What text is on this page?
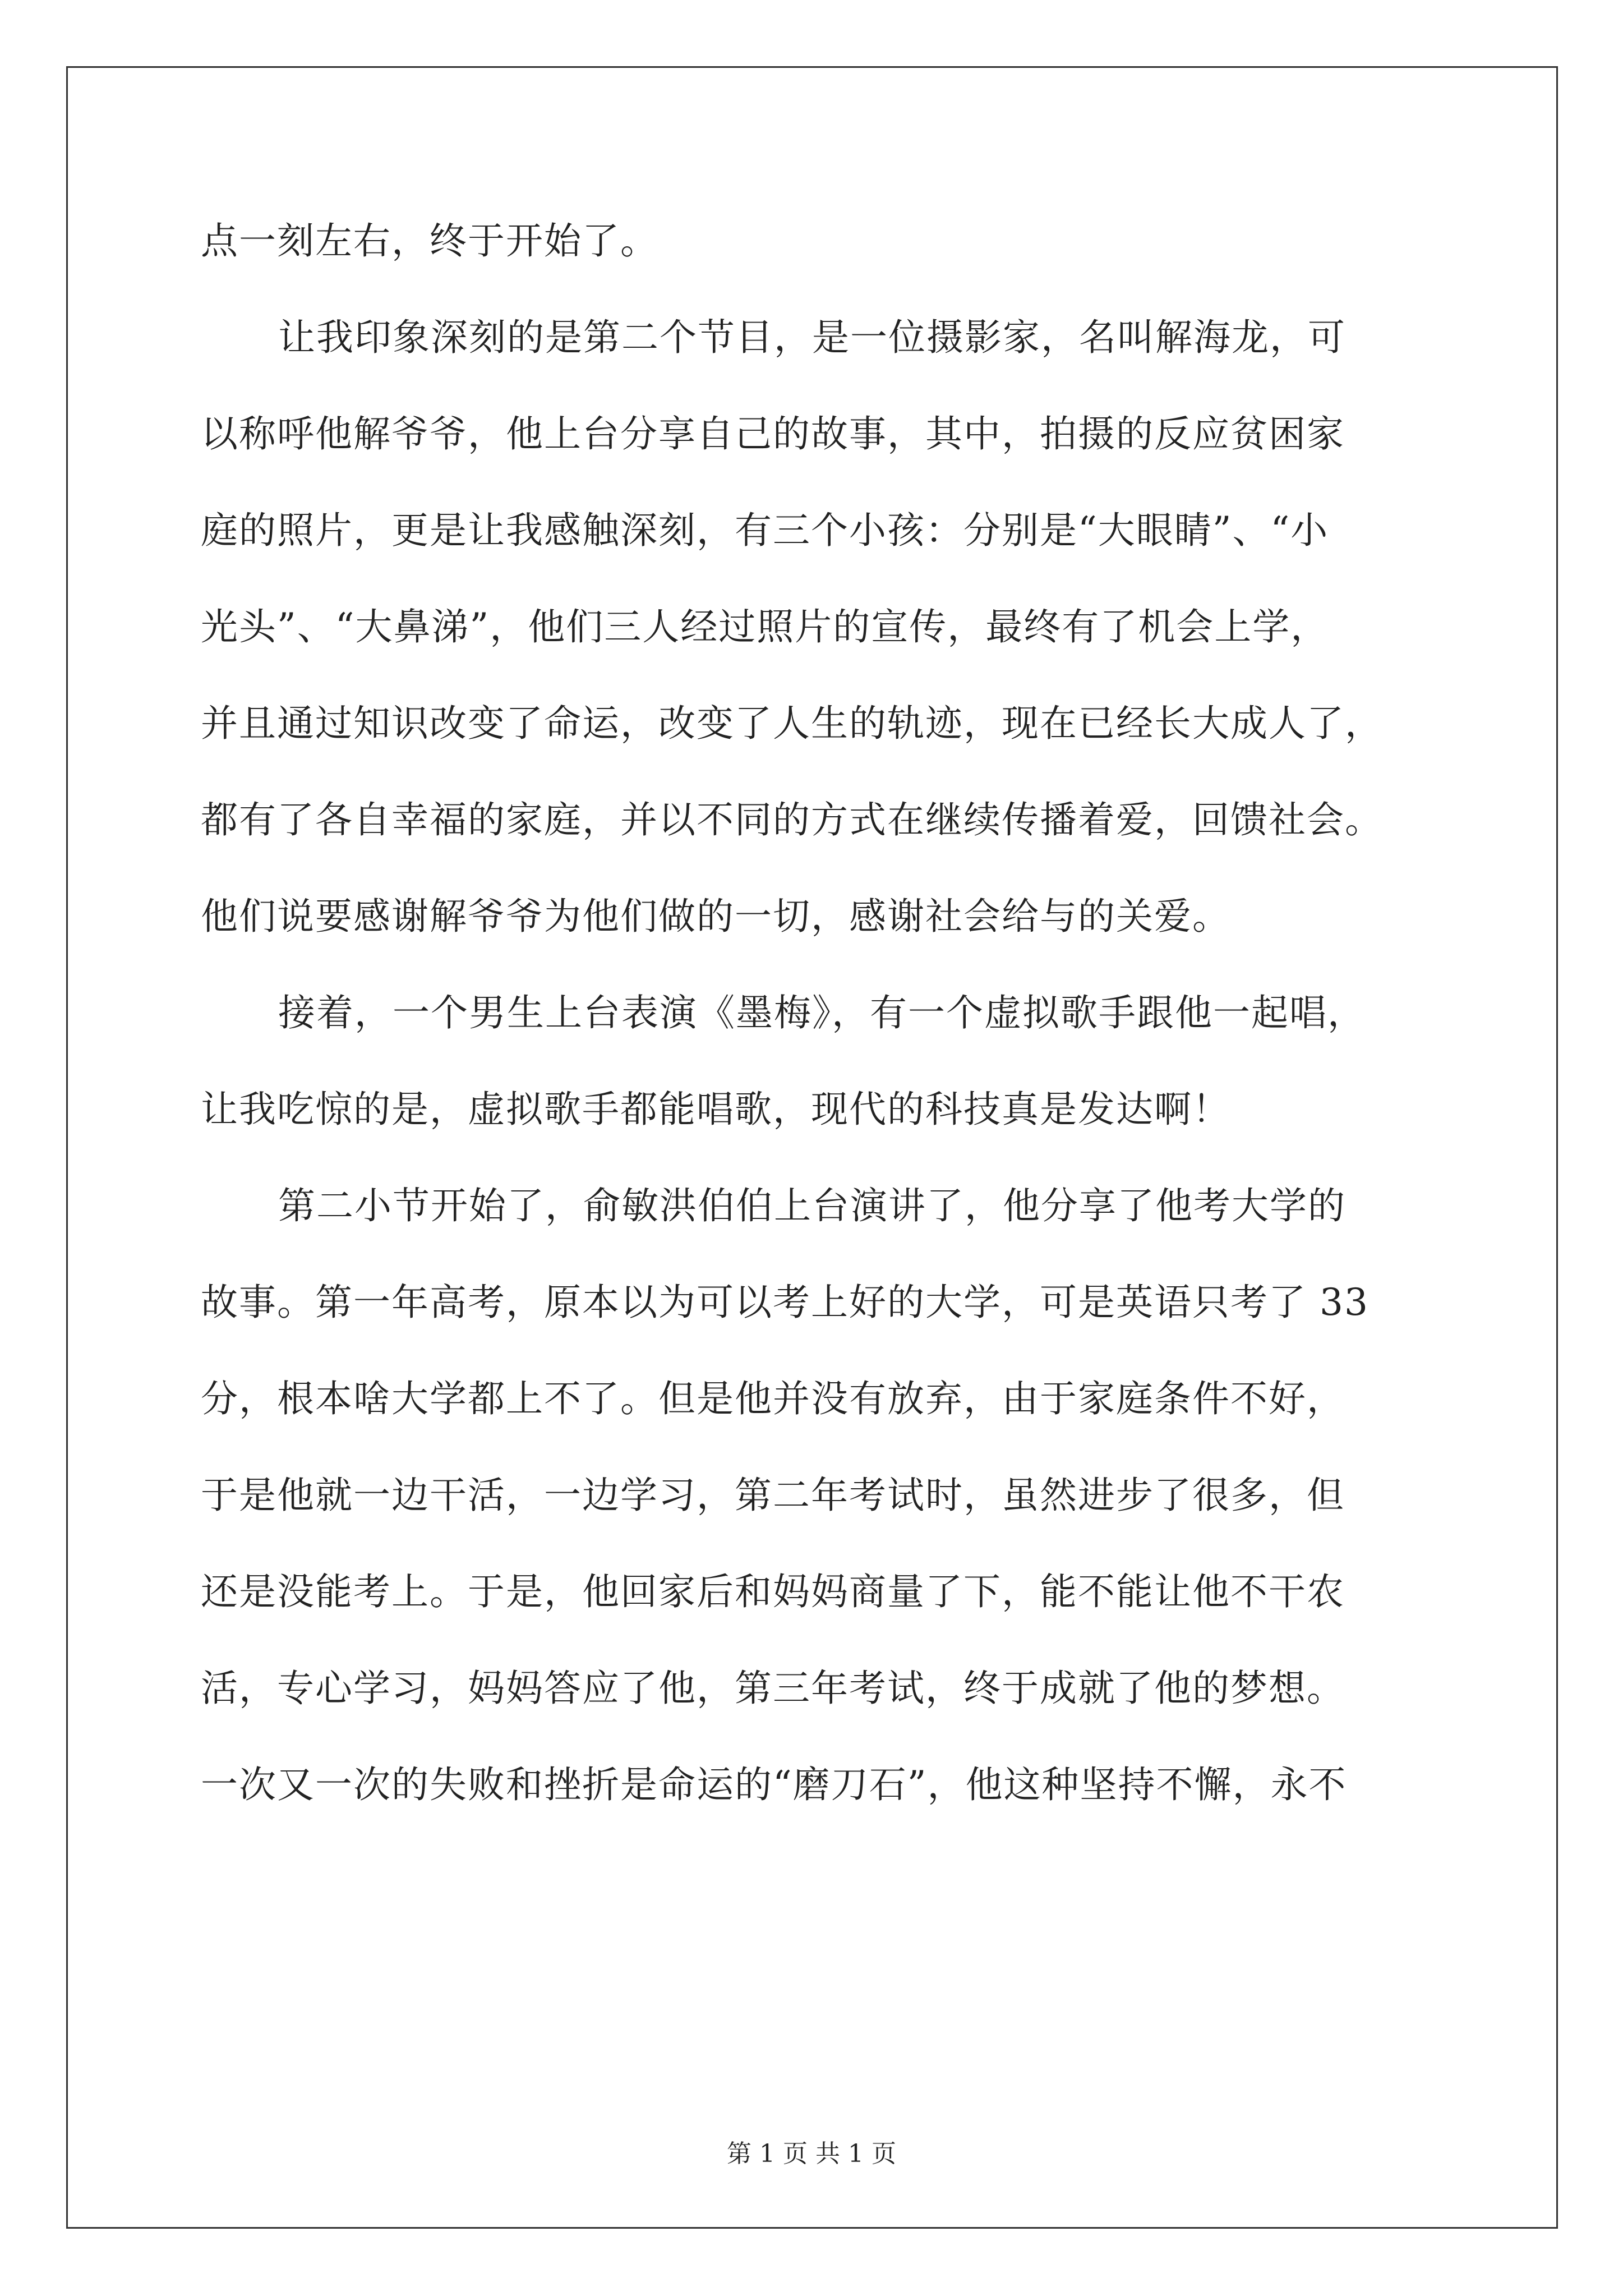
点一刻左右，终于开始了。
让我印象深刻的是第二个节目，是一位摄影家，名叫解海龙，可
以称呼他解爷爷，他上台分享自己的故事，其中，拍摄的反应贫困家
庭的照片，更是让我感触深刻，有三个小孩：分别是“大眼睛”、“小
光头”、“大鼻涕”，他们三人经过照片的宣传，最终有了机会上学，
并且通过知识改变了命运，改变了人生的轨迹，现在已经长大成人了，
都有了各自幸福的家庭，并以不同的方式在继续传播着爱，回馈社会。
他们说要感谢解爷爷为他们做的一切，感谢社会给与的关爱。
接着，一个男生上台表演《墨梅》，有一个虚拟歌手跟他一起唱，
让我吃惊的是，虚拟歌手都能唱歌，现代的科技真是发达啊！
第二小节开始了，俞敏洪伯伯上台演讲了，他分享了他考大学的
故事。第一年高考，原本以为可以考上好的大学，可是英语只考了 33
分，根本啥大学都上不了。但是他并没有放弃，由于家庭条件不好，
于是他就一边干活，一边学习，第二年考试时，虽然进步了很多，但
还是没能考上。于是，他回家后和妈妈商量了下，能不能让他不干农
活，专心学习，妈妈答应了他，第三年考试，终于成就了他的梦想。
一次又一次的失败和挫折是命运的“磨刀石”，他这种坚持不懈，永不
第 1 页 共 1 页
